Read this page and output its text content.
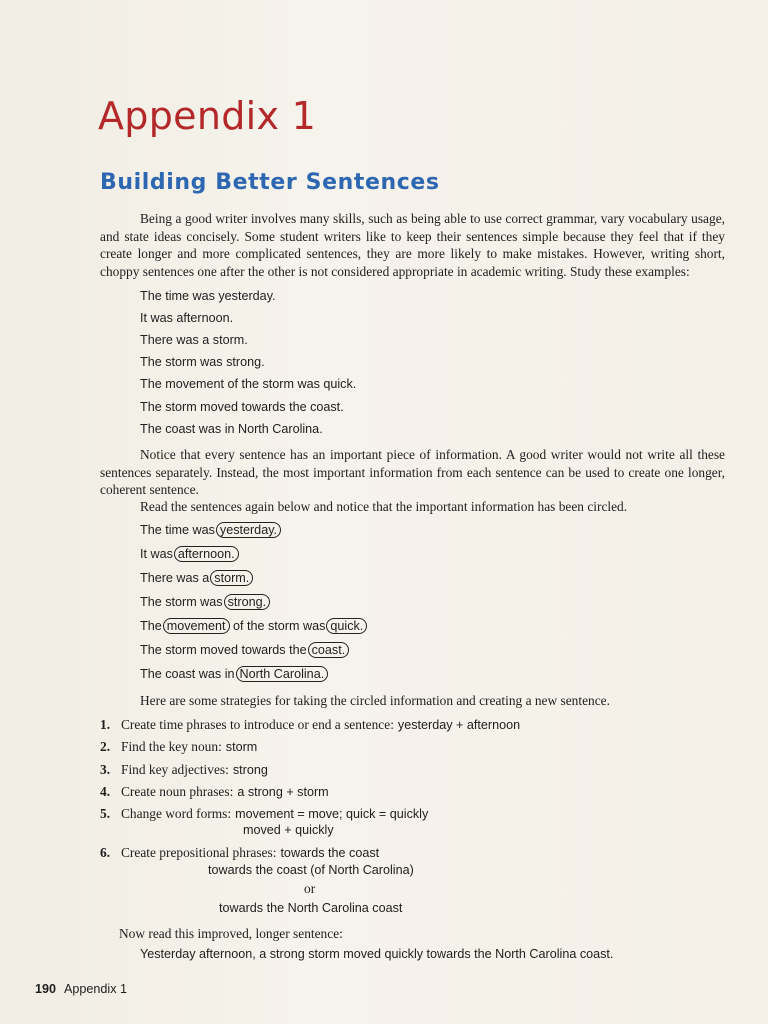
Appendix 1
Building Better Sentences
Being a good writer involves many skills, such as being able to use correct grammar, vary vocabulary usage, and state ideas concisely. Some student writers like to keep their sentences simple because they feel that if they create longer and more complicated sentences, they are more likely to make mistakes. However, writing short, choppy sentences one after the other is not considered appropriate in academic writing. Study these examples:
The time was yesterday.
It was afternoon.
There was a storm.
The storm was strong.
The movement of the storm was quick.
The storm moved towards the coast.
The coast was in North Carolina.
Notice that every sentence has an important piece of information. A good writer would not write all these sentences separately. Instead, the most important information from each sentence can be used to create one longer, coherent sentence.
Read the sentences again below and notice that the important information has been circled.
The time was yesterday.
It was afternoon.
There was a storm.
The storm was strong.
The movement of the storm was quick.
The storm moved towards the coast.
The coast was in North Carolina.
Here are some strategies for taking the circled information and creating a new sentence.
1. Create time phrases to introduce or end a sentence: yesterday + afternoon
2. Find the key noun: storm
3. Find key adjectives: strong
4. Create noun phrases: a strong + storm
5. Change word forms: movement = move; quick = quickly
moved + quickly
6. Create prepositional phrases: towards the coast
towards the coast (of North Carolina)
or
towards the North Carolina coast
Now read this improved, longer sentence:
Yesterday afternoon, a strong storm moved quickly towards the North Carolina coast.
190 Appendix 1
